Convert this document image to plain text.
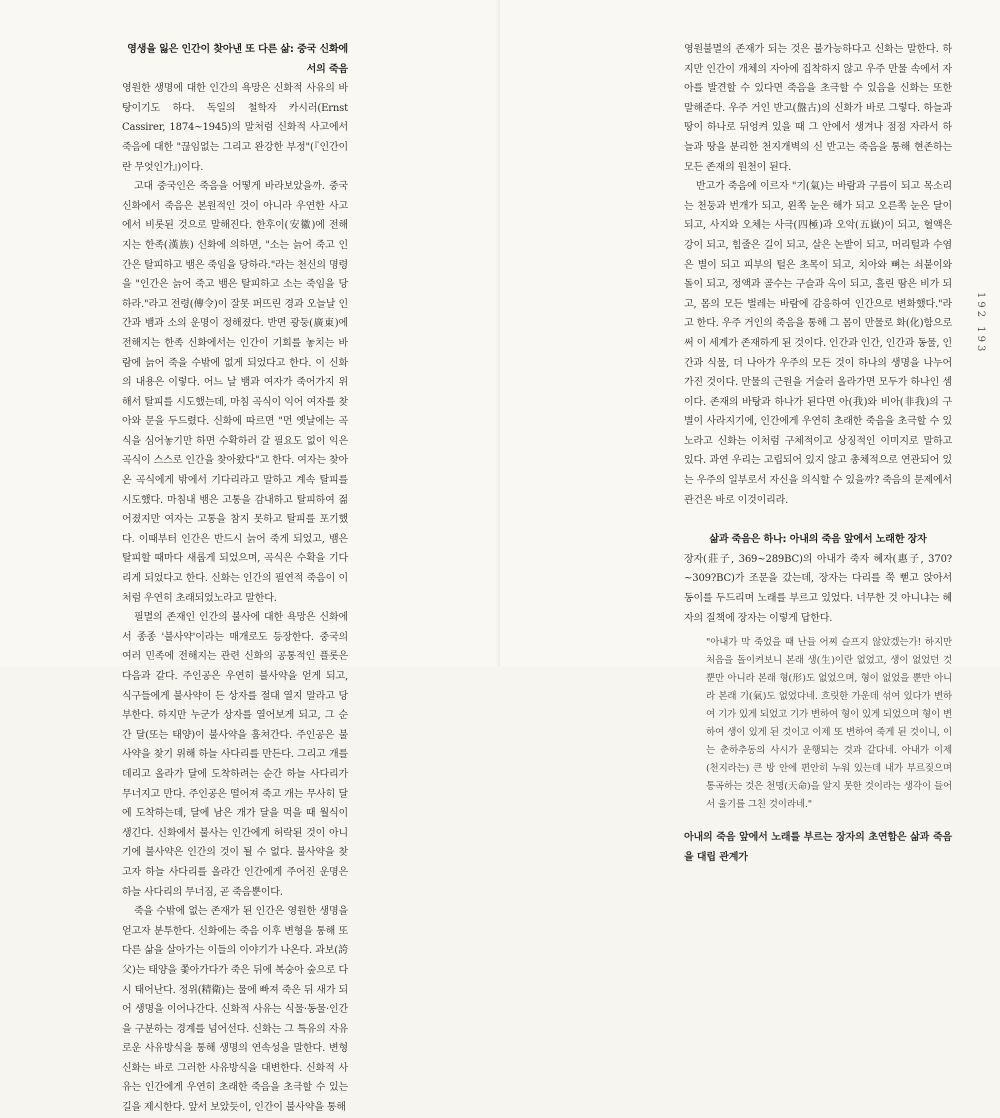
영생을 잃은 인간이 찾아낸 또 다른 삶: 중국 신화에서의 죽음

영원한 생명에 대한 인간의 욕망은 신화적 사유의 바탕이기도 하다. 독일의 철학자 카시러(Ernst Cassirer, 1874~1945)의 말처럼 신화적 사고에서 죽음에 대한 "끊임없는 그리고 완강한 부정"(『인간이란 무엇인가』)이다.

고대 중국인은 죽음을 어떻게 바라보았을까. 중국 신화에서 죽음은 본원적인 것이 아니라 우연한 사고에서 비롯된 것으로 말해진다. 한후이(安徽)에 전해지는 한족(漢族) 신화에 의하면, "소는 늙어 죽고 인간은 탈피하고 뱀은 죽임을 당하라."라는 천신의 명령을 "인간은 늙어 죽고 뱀은 탈피하고 소는 죽임을 당하라."라고 전령(傳令)이 잘못 퍼뜨린 경과 오늘날 인간과 뱀과 소의 운명이 정해졌다. 반면 광둥(廣東)에 전해지는 한족 신화에서는 인간이 기회를 놓치는 바람에 늙어 죽을 수밖에 없게 되었다고 한다. 이 신화의 내용은 이렇다. 어느 날 뱀과 여자가 죽어가지 위해서 탈피를 시도했는데, 마침 곡식이 익어 여자를 찾아와 문을 두드렸다. 신화에 따르면 "먼 옛날에는 곡식을 심어놓기만 하면 수확하러 갈 필요도 없이 익은 곡식이 스스로 인간을 찾아왔다"고 한다. 여자는 찾아온 곡식에게 밖에서 기다리라고 말하고 계속 탈피를 시도했다. 마침내 뱀은 고통을 감내하고 탈피하여 젊어졌지만 여자는 고통을 참지 못하고 탈피를 포기했다. 이때부터 인간은 반드시 늙어 죽게 되었고, 뱀은 탈피할 때마다 새롭게 되었으며, 곡식은 수확을 기다리게 되었다고 한다. 신화는 인간의 필연적 죽음이 이처럼 우연히 초래되었노라고 말한다.

필멸의 존재인 인간의 불사에 대한 욕망은 신화에서 종종 '불사약'이라는 매개로도 등장한다. 중국의 여러 민족에 전해지는 관련 신화의 공통적인 플롯은 다음과 같다. 주인공은 우연히 불사약을 얻게 되고, 식구들에게 불사약이 든 상자를 절대 열지 말라고 당부한다. 하지만 누군가 상자를 열어보게 되고, 그 순간 달(또는 태양)이 불사약을 훔쳐간다. 주인공은 불사약을 찾기 위해 하늘 사다리를 만든다. 그리고 개를 데리고 올라가 달에 도착하려는 순간 하늘 사다리가 무너지고 만다. 주인공은 떨어져 죽고 개는 무사히 달에 도착하는데, 달에 남은 개가 달을 먹을 때 월식이 생긴다. 신화에서 불사는 인간에게 허락된 것이 아니기에 불사약은 인간의 것이 될 수 없다. 불사약을 찾고자 하늘 사다리를 올라간 인간에게 주어진 운명은 하늘 사다리의 무너짐, 곧 죽음뿐이다.

죽을 수밖에 없는 존재가 된 인간은 영원한 생명을 얻고자 분투한다. 신화에는 죽음 이후 변형을 통해 또 다른 삶을 살아가는 이들의 이야기가 나온다. 과보(誇父)는 태양을 쫓아가다가 죽은 뒤에 복숭아 숲으로 다시 태어난다. 정위(精衛)는 물에 빠져 죽은 뒤 새가 되어 생명을 이어나간다. 신화적 사유는 식물·동물·인간을 구분하는 경계를 넘어선다. 신화는 그 특유의 자유로운 사유방식을 통해 생명의 연속성을 말한다. 변형 신화는 바로 그러한 사유방식을 대변한다. 신화적 사유는 인간에게 우연히 초래한 죽음을 초극할 수 있는 길을 제시한다. 앞서 보았듯이, 인간이 불사약을 통해

영원불멸의 존재가 되는 것은 불가능하다고 신화는 말한다. 하지만 인간이 개체의 자아에 집착하지 않고 우주 만물 속에서 자아를 발견할 수 있다면 죽음을 초극할 수 있음을 신화는 또한 말해준다. 우주 거인 반고(盤古)의 신화가 바로 그렇다. 하늘과 땅이 하나로 뒤엉켜 있을 때 그 안에서 생겨나 점점 자라서 하늘과 땅을 분리한 천지개벽의 신 반고는 죽음을 통해 현존하는 모든 존재의 원천이 된다.

반고가 죽음에 이르자 "기(氣)는 바람과 구름이 되고 목소리는 천둥과 번개가 되고, 왼쪽 눈은 해가 되고 오른쪽 눈은 달이 되고, 사지와 오체는 사극(四極)과 오악(五嶽)이 되고, 혈액은 강이 되고, 힘줄은 길이 되고, 살은 논밭이 되고, 머리털과 수염은 별이 되고 피부의 털은 초목이 되고, 치아와 뼈는 쇠붙이와 돌이 되고, 정액과 골수는 구슬과 옥이 되고, 흘린 땀은 비가 되고, 몸의 모든 벌레는 바람에 감응하여 인간으로 변화했다."라고 한다. 우주 거인의 죽음을 통해 그 몸이 만물로 화(化)함으로써 이 세계가 존재하게 된 것이다. 인간과 인간, 인간과 동물, 인간과 식물, 더 나아가 우주의 모든 것이 하나의 생명을 나누어 가진 것이다. 만물의 근원을 거슬러 올라가면 모두가 하나인 셈이다. 존재의 바탕과 하나가 된다면 아(我)와 비아(非我)의 구별이 사라지기에, 인간에게 우연히 초래한 죽음을 초극할 수 있노라고 신화는 이처럼 구체적이고 상징적인 이미지로 말하고 있다. 과연 우리는 고립되어 있지 않고 총체적으로 연관되어 있는 우주의 일부로서 자신을 의식할 수 있을까? 죽음의 문제에서 관건은 바로 이것이리라.

삶과 죽음은 하나: 아내의 죽음 앞에서 노래한 장자

장자(莊子, 369~289BC)의 아내가 죽자 혜자(惠子, 370?~309?BC)가 조문을 갔는데, 장자는 다리를 쭉 뻗고 앉아서 동이를 두드리며 노래를 부르고 있었다. 너무한 것 아니냐는 혜자의 질책에 장자는 이렇게 답한다.

"아내가 막 죽었을 때 난들 어찌 슬프지 않았겠는가! 하지만 처음을 돌이켜보니 본래 생(生)이란 없었고, 생이 없었던 것뿐만 아니라 본래 형(形)도 없었으며, 형이 없었을 뿐만 아니라 본래 기(氣)도 없었다네. 흐릿한 가운데 섞여 있다가 변하여 기가 있게 되었고 기가 변하여 형이 있게 되었으며 형이 변하여 생이 있게 된 것이고 이제 또 변하여 죽게 된 것이니, 이는 춘하추동의 사시가 운행되는 것과 같다네. 아내가 이제 (천지라는) 큰 방 안에 편안히 누워 있는데 내가 부르짖으며 통곡하는 것은 천명(天命)을 알지 못한 것이라는 생각이 들어서 울기를 그친 것이라네."
아내의 죽음 앞에서 노래를 부르는 장자의 초연함은 삶과 죽음을 대립 관계가
192 193
